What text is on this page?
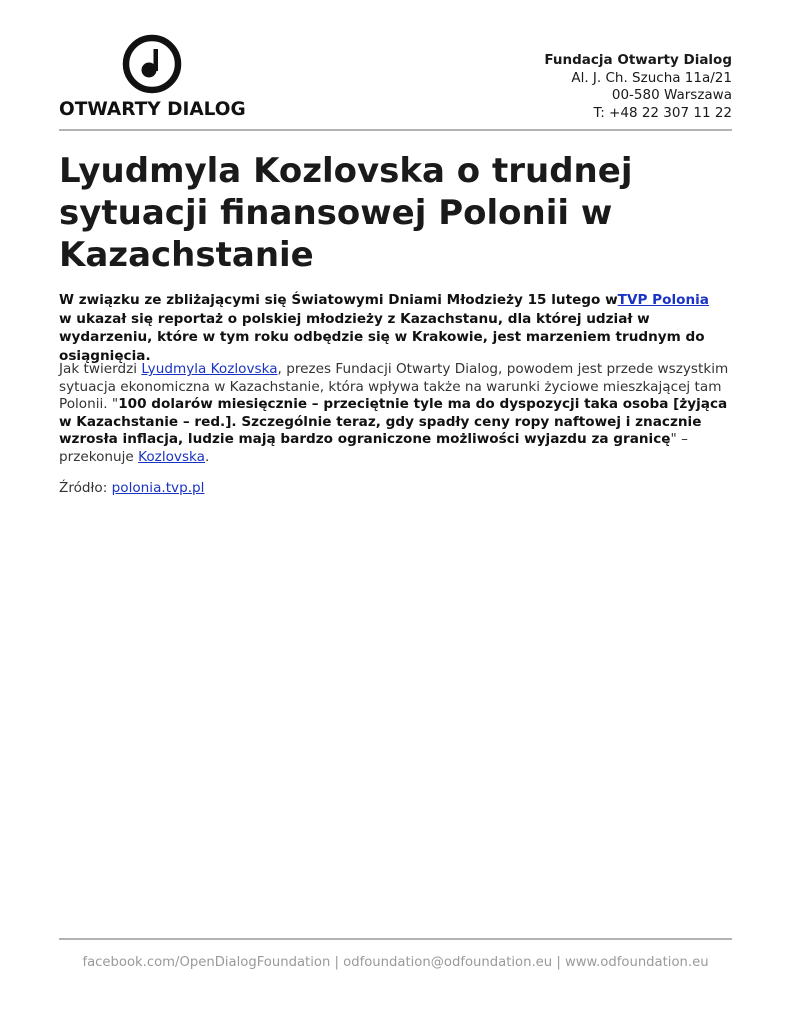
OTWARTY DIALOG
Fundacja Otwarty Dialog
Al. J. Ch. Szucha 11a/21
00-580 Warszawa
T: +48 22 307 11 22
Lyudmyla Kozlovska o trudnej sytuacji finansowej Polonii w Kazachstanie

W związku ze zbliżającymi się Światowymi Dniami Młodzieży 15 lutego wTVP Polonia
w ukazał się reportaż o polskiej młodzieży z Kazachstanu, dla której udział w wydarzeniu, które w tym roku odbędzie się w Krakowie, jest marzeniem trudnym do osiągnięcia.

Jak twierdzi Lyudmyla Kozlovska, prezes Fundacji Otwarty Dialog, powodem jest przede wszystkim sytuacja ekonomiczna w Kazachstanie, która wpływa także na warunki życiowe mieszkającej tam Polonii. "100 dolarów miesięcznie – przeciętnie tyle ma do dyspozycji taka osoba [żyjąca w Kazachstanie – red.]. Szczególnie teraz, gdy spadły ceny ropy naftowej i znacznie wzrosła inflacja, ludzie mają bardzo ograniczone możliwości wyjazdu za granicę" – przekonuje Kozlovska.

Źródło: polonia.tvp.pl

facebook.com/OpenDialogFoundation | odfoundation@odfoundation.eu | www.odfoundation.eu
